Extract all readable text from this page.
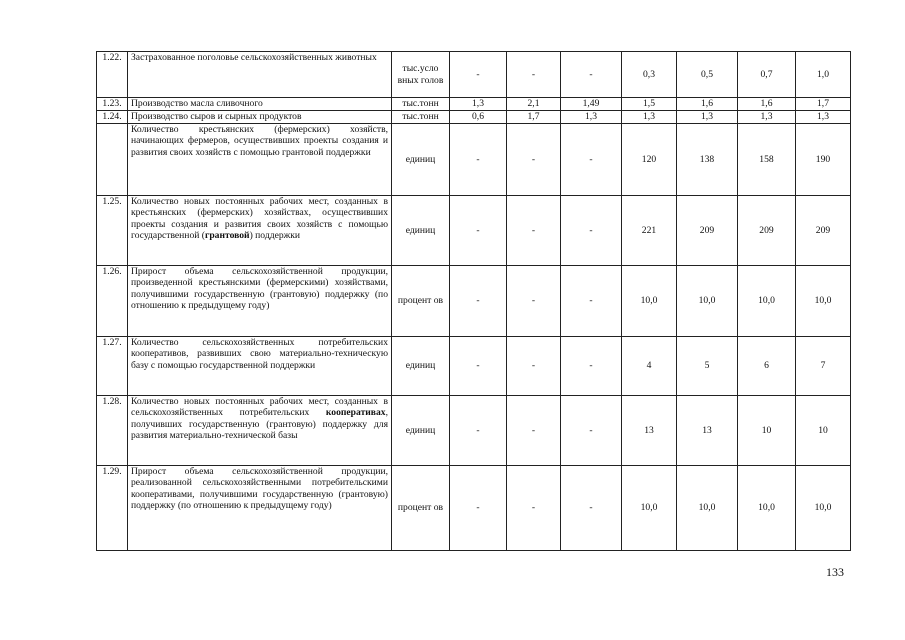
1.22.	Застрахованное поголовье сельскохозяйственных животных	тыс.усло вных голов	-	-	-	0,3	0,5	0,7	1,0
1.23.	Производство масла сливочного	тыс.тонн	1,3	2,1	1,49	1,5	1,6	1,6	1,7
1.24.	Производство сыров и сырных продуктов	тыс.тонн	0,6	1,7	1,3	1,3	1,3	1,3	1,3
	Количество крестьянских (фермерских) хозяйств, начинающих фермеров, осуществивших проекты создания и развития своих хозяйств с помощью грантовой поддержки	единиц	-	-	-	120	138	158	190
1.25.	Количество новых постоянных рабочих мест, созданных в крестьянских (фермерских) хозяйствах, осуществивших проекты создания и развития своих хозяйств с помощью государственной (грантовой) поддержки	единиц	-	-	-	221	209	209	209
1.26.	Прирост объема сельскохозяйственной продукции, произведенной крестьянскими (фермерскими) хозяйствами, получившими государственную (грантовую) поддержку (по отношению к предыдущему году)	процент ов	-	-	-	10,0	10,0	10,0	10,0
1.27.	Количество сельскохозяйственных потребительских кооперативов, развивших свою материально-техническую базу с помощью государственной поддержки	единиц	-	-	-	4	5	6	7
1.28.	Количество новых постоянных рабочих мест, созданных в сельскохозяйственных потребительских кооперативах, получивших государственную (грантовую) поддержку для развития материально-технической базы	единиц	-	-	-	13	13	10	10
1.29.	Прирост объема сельскохозяйственной продукции, реализованной сельскохозяйственными потребительскими кооперативами, получившими государственную (грантовую) поддержку (по отношению к предыдущему году)	процент ов	-	-	-	10,0	10,0	10,0	10,0
133
